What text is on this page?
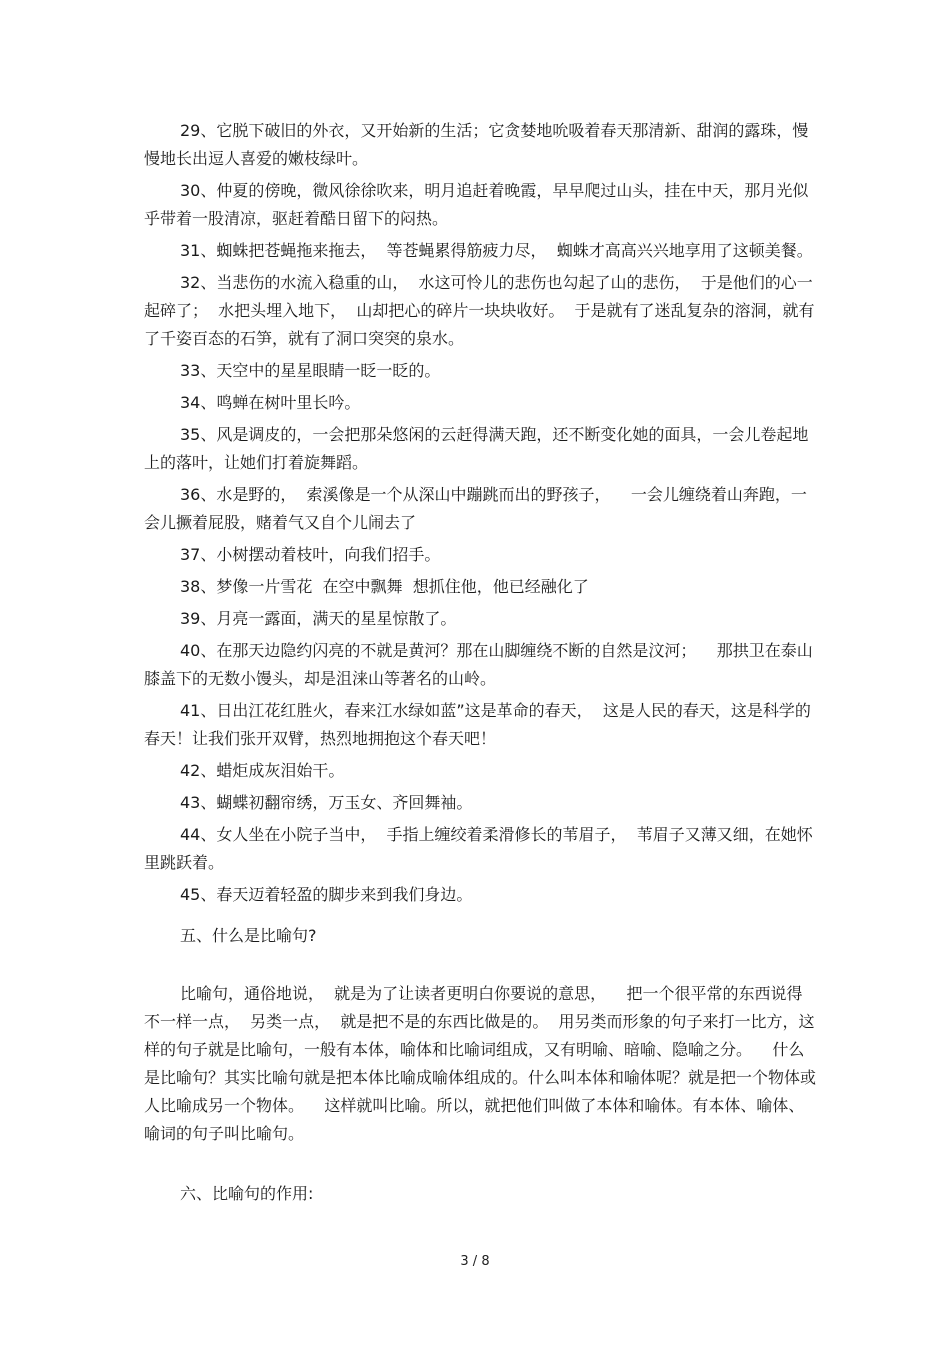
29、它脱下破旧的外衣，又开始新的生活；它贪婪地吮吸着春天那清新、甜润的露珠，慢慢地长出逗人喜爱的嫩枝绿叶。

30、仲夏的傍晚，微风徐徐吹来，明月追赶着晚霞，早早爬过山头，挂在中天，那月光似乎带着一股清凉，驱赶着酷日留下的闷热。

31、蜘蛛把苍蝇拖来拖去，  等苍蝇累得筋疲力尽，  蜘蛛才高高兴兴地享用了这顿美餐。

32、当悲伤的水流入稳重的山，  水这可怜儿的悲伤也勾起了山的悲伤，  于是他们的心一起碎了；  水把头埋入地下，  山却把心的碎片一块块收好。  于是就有了迷乱复杂的溶洞，就有了千姿百态的石笋，就有了洞口突突的泉水。

33、天空中的星星眼睛一眨一眨的。

34、鸣蝉在树叶里长吟。

35、风是调皮的，一会把那朵悠闲的云赶得满天跑，还不断变化她的面具，一会儿卷起地上的落叶，让她们打着旋舞蹈。

36、水是野的，  索溪像是一个从深山中蹦跳而出的野孩子，    一会儿缠绕着山奔跑，一会儿撅着屁股，赌着气又自个儿闹去了

37、小树摆动着枝叶，向我们招手。

38、梦像一片雪花  在空中飘舞  想抓住他，他已经融化了

39、月亮一露面，满天的星星惊散了。

40、在那天边隐约闪亮的不就是黄河？那在山脚缠绕不断的自然是汶河；    那拱卫在泰山膝盖下的无数小馒头，却是沮涞山等著名的山岭。

41、日出江花红胜火，春来江水绿如蓝”这是革命的春天，  这是人民的春天，这是科学的春天！让我们张开双臂，热烈地拥抱这个春天吧！

42、蜡炬成灰泪始干。

43、蝴蝶初翻帘绣，万玉女、齐回舞袖。

44、女人坐在小院子当中，  手指上缠绞着柔滑修长的苇眉子，  苇眉子又薄又细，在她怀里跳跃着。

45、春天迈着轻盈的脚步来到我们身边。

五、什么是比喻句?
比喻句，通俗地说，  就是为了让读者更明白你要说的意思，    把一个很平常的东西说得不一样一点，  另类一点，  就是把不是的东西比做是的。  用另类而形象的句子来打一比方，这样的句子就是比喻句，一般有本体，喻体和比喻词组成，又有明喻、暗喻、隐喻之分。    什么是比喻句？其实比喻句就是把本体比喻成喻体组成的。什么叫本体和喻体呢？就是把一个物体或人比喻成另一个物体。    这样就叫比喻。所以，就把他们叫做了本体和喻体。有本体、喻体、喻词的句子叫比喻句。
六、比喻句的作用:
3 / 8
